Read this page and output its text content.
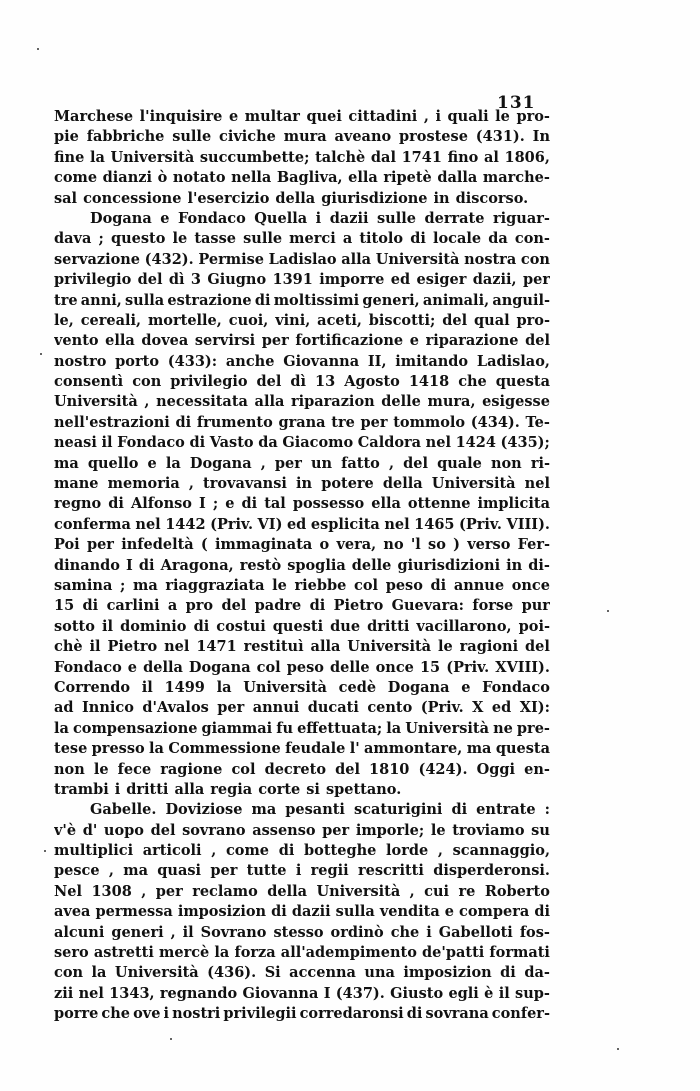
131
Marchese l'inquisire e multar quei cittadini , i quali le pro-
pie fabbriche sulle civiche mura aveano prostese (431). In
fine la Università succumbette; talchè dal 1741 fino al 1806,
come dianzi ò notato nella Bagliva, ella ripetè dalla marche-
sal concessione l'esercizio della giurisdizione in discorso.
Dogana e Fondaco Quella i dazii sulle derrate riguar-
dava ; questo le tasse sulle merci a titolo di locale da con-
servazione (432). Permise Ladislao alla Università nostra con
privilegio del dì 3 Giugno 1391 imporre ed esiger dazii, per
tre anni, sulla estrazione di moltissimi generi, animali, anguil-
le, cereali, mortelle, cuoi, vini, aceti, biscotti; del qual pro-
vento ella dovea servirsi per fortificazione e riparazione del
nostro porto (433): anche Giovanna II, imitando Ladislao,
consentì con privilegio del dì 13 Agosto 1418 che questa
Università , necessitata alla riparazion delle mura, esigesse
nell'estrazioni di frumento grana tre per tommolo (434). Te-
neasi il Fondaco di Vasto da Giacomo Caldora nel 1424 (435);
ma quello e la Dogana , per un fatto , del quale non ri-
mane memoria , trovavansi in potere della Università nel
regno di Alfonso I ; e di tal possesso ella ottenne implicita
conferma nel 1442 (Priv. VI) ed esplicita nel 1465 (Priv. VIII).
Poi per infedeltà ( immaginata o vera, no 'l so ) verso Fer-
dinando I di Aragona, restò spoglia delle giurisdizioni in di-
samina ; ma riaggraziata le riebbe col peso di annue once
15 di carlini a pro del padre di Pietro Guevara: forse pur
sotto il dominio di costui questi due dritti vacillarono, poi-
chè il Pietro nel 1471 restituì alla Università le ragioni del
Fondaco e della Dogana col peso delle once 15 (Priv. XVIII).
Correndo il 1499 la Università cedè Dogana e Fondaco
ad Innico d'Avalos per annui ducati cento (Priv. X ed XI):
la compensazione giammai fu effettuata; la Università ne pre-
tese presso la Commessione feudale l' ammontare, ma questa
non le fece ragione col decreto del 1810 (424). Oggi en-
trambi i dritti alla regia corte si spettano.
Gabelle. Doviziose ma pesanti scaturigini di entrate :
v'è d' uopo del sovrano assenso per imporle; le troviamo su
multiplici articoli , come di botteghe lorde , scannaggio,
pesce , ma quasi per tutte i regii rescritti disperderonsi.
Nel 1308 , per reclamo della Università , cui re Roberto
avea permessa imposizion di dazii sulla vendita e compera di
alcuni generi , il Sovrano stesso ordinò che i Gabelloti fos-
sero astretti mercè la forza all'adempimento de'patti formati
con la Università (436). Si accenna una imposizion di da-
zii nel 1343, regnando Giovanna I (437). Giusto egli è il sup-
porre che ove i nostri privilegii corredaronsi di sovrana confer-
